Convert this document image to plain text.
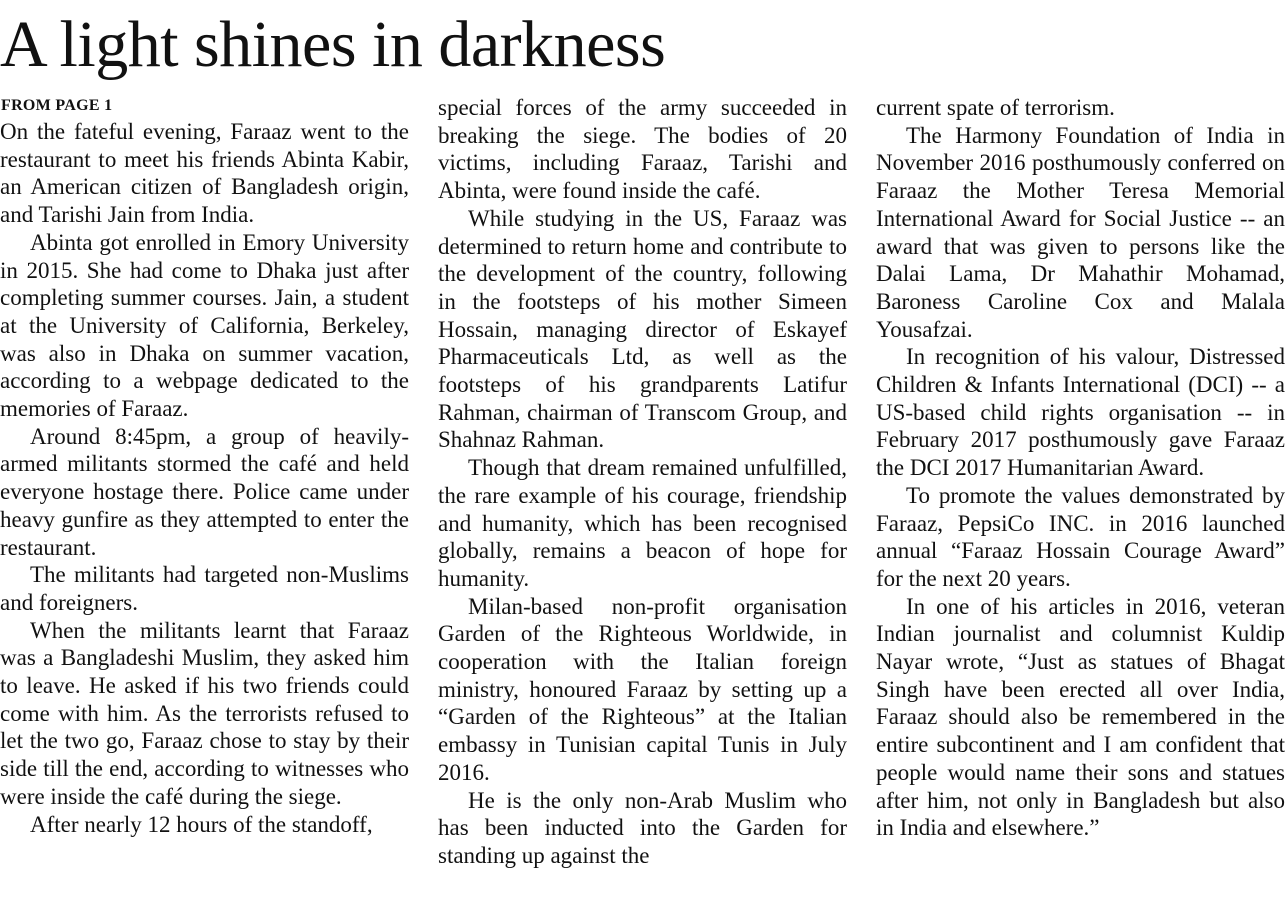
A light shines in darkness
FROM PAGE 1

On the fateful evening, Faraaz went to the restaurant to meet his friends Abinta Kabir, an American citizen of Bangladesh origin, and Tarishi Jain from India.

Abinta got enrolled in Emory University in 2015. She had come to Dhaka just after completing summer courses. Jain, a student at the University of California, Berkeley, was also in Dhaka on summer vacation, according to a webpage dedicated to the memories of Faraaz.

Around 8:45pm, a group of heavily-armed militants stormed the café and held everyone hostage there. Police came under heavy gunfire as they attempted to enter the restaurant.

The militants had targeted non-Muslims and foreigners.

When the militants learnt that Faraaz was a Bangladeshi Muslim, they asked him to leave. He asked if his two friends could come with him. As the terrorists refused to let the two go, Faraaz chose to stay by their side till the end, according to witnesses who were inside the café during the siege.

After nearly 12 hours of the standoff,

special forces of the army succeeded in breaking the siege. The bodies of 20 victims, including Faraaz, Tarishi and Abinta, were found inside the café.

While studying in the US, Faraaz was determined to return home and contribute to the development of the country, following in the footsteps of his mother Simeen Hossain, managing director of Eskayef Pharmaceuticals Ltd, as well as the footsteps of his grandparents Latifur Rahman, chairman of Transcom Group, and Shahnaz Rahman.

Though that dream remained unfulfilled, the rare example of his courage, friendship and humanity, which has been recognised globally, remains a beacon of hope for humanity.

Milan-based non-profit organisation Garden of the Righteous Worldwide, in cooperation with the Italian foreign ministry, honoured Faraaz by setting up a “Garden of the Righteous” at the Italian embassy in Tunisian capital Tunis in July 2016.

He is the only non-Arab Muslim who has been inducted into the Garden for standing up against the

current spate of terrorism.

The Harmony Foundation of India in November 2016 posthumously conferred on Faraaz the Mother Teresa Memorial International Award for Social Justice -- an award that was given to persons like the Dalai Lama, Dr Mahathir Mohamad, Baroness Caroline Cox and Malala Yousafzai.

In recognition of his valour, Distressed Children & Infants International (DCI) -- a US-based child rights organisation -- in February 2017 posthumously gave Faraaz the DCI 2017 Humanitarian Award.

To promote the values demonstrated by Faraaz, PepsiCo INC. in 2016 launched annual “Faraaz Hossain Courage Award” for the next 20 years.

In one of his articles in 2016, veteran Indian journalist and columnist Kuldip Nayar wrote, “Just as statues of Bhagat Singh have been erected all over India, Faraaz should also be remembered in the entire subcontinent and I am confident that people would name their sons and statues after him, not only in Bangladesh but also in India and elsewhere.”
